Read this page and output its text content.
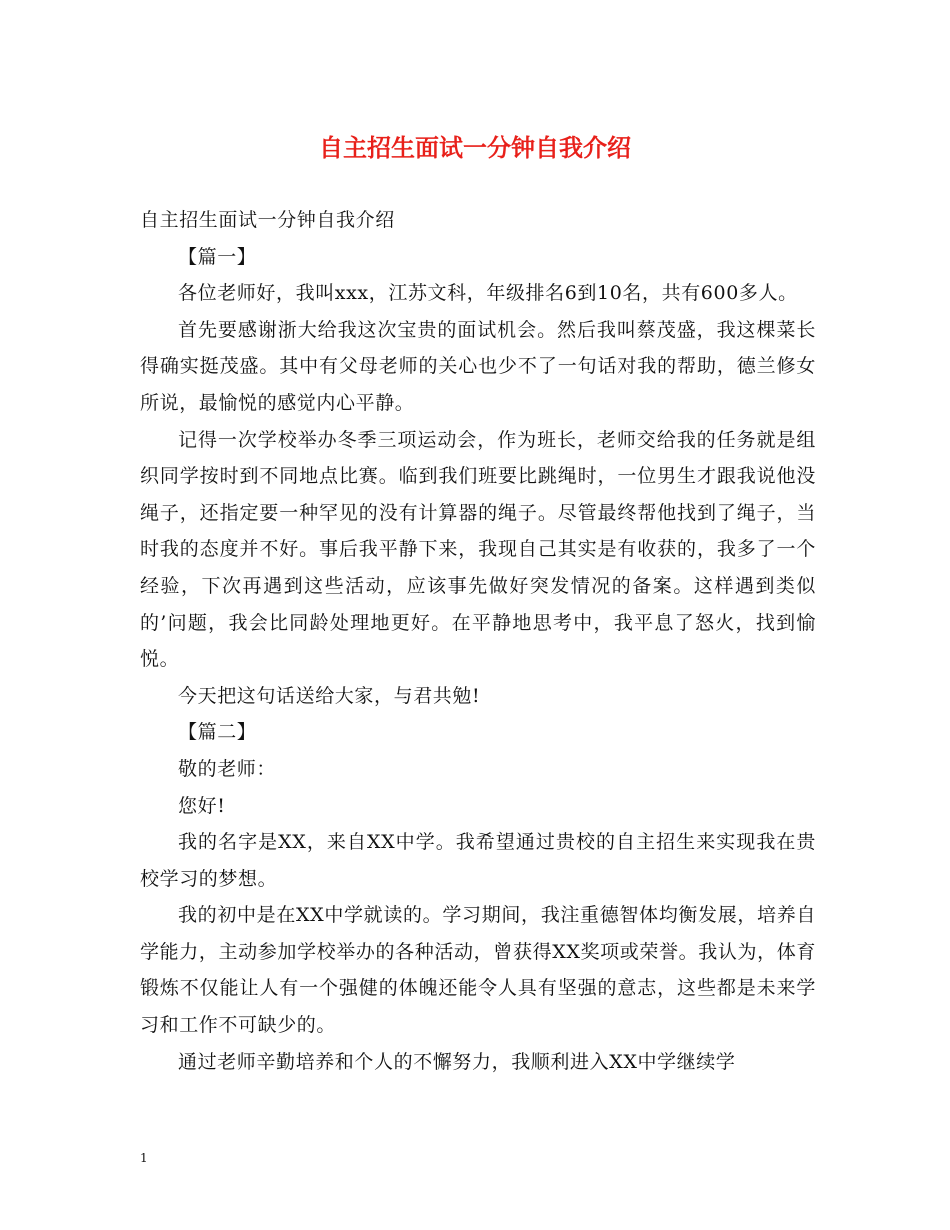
自主招生面试一分钟自我介绍

自主招生面试一分钟自我介绍

【篇一】

各位老师好，我叫xxx，江苏文科，年级排名6到10名，共有600多人。

首先要感谢浙大给我这次宝贵的面试机会。然后我叫蔡茂盛，我这棵菜长得确实挺茂盛。其中有父母老师的关心也少不了一句话对我的帮助，德兰修女所说，最愉悦的感觉内心平静。

记得一次学校举办冬季三项运动会，作为班长，老师交给我的任务就是组织同学按时到不同地点比赛。临到我们班要比跳绳时，一位男生才跟我说他没绳子，还指定要一种罕见的没有计算器的绳子。尽管最终帮他找到了绳子，当时我的态度并不好。事后我平静下来，我现自己其实是有收获的，我多了一个经验，下次再遇到这些活动，应该事先做好突发情况的备案。这样遇到类似的’问题，我会比同龄处理地更好。在平静地思考中，我平息了怒火，找到愉悦。

今天把这句话送给大家，与君共勉!

【篇二】

敬的老师：

您好!

我的名字是XX，来自XX中学。我希望通过贵校的自主招生来实现我在贵校学习的梦想。

我的初中是在XX中学就读的。学习期间，我注重德智体均衡发展，培养自学能力，主动参加学校举办的各种活动，曾获得XX奖项或荣誉。我认为，体育锻炼不仅能让人有一个强健的体魄还能令人具有坚强的意志，这些都是未来学习和工作不可缺少的。

通过老师辛勤培养和个人的不懈努力，我顺利进入XX中学继续学

1
